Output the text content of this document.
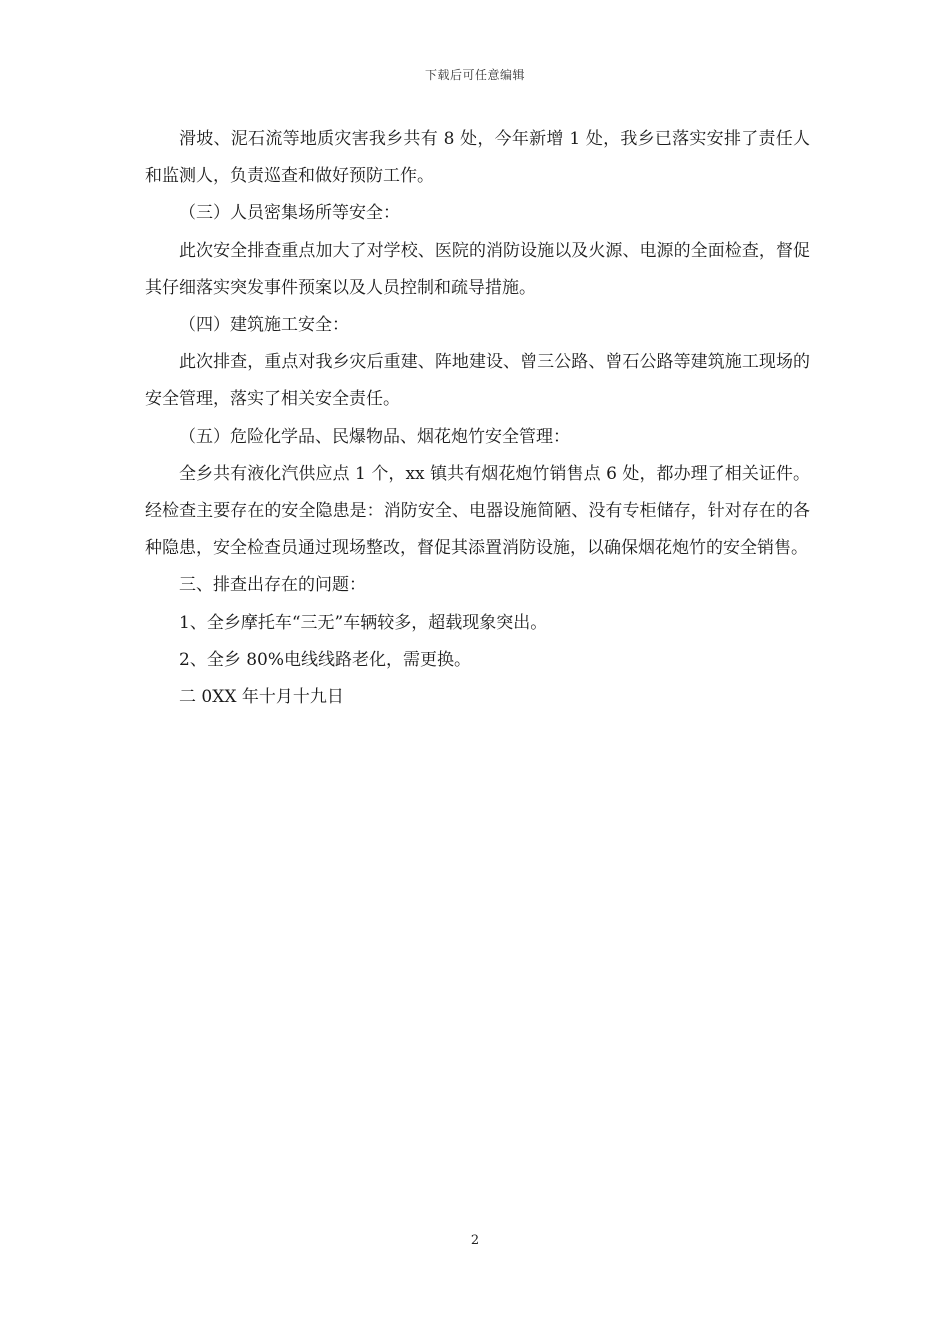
下载后可任意编辑

滑坡、泥石流等地质灾害我乡共有 8 处，今年新增 1 处，我乡已落实安排了责任人和监测人，负责巡查和做好预防工作。

（三）人员密集场所等安全：

此次安全排查重点加大了对学校、医院的消防设施以及火源、电源的全面检查，督促其仔细落实突发事件预案以及人员控制和疏导措施。

（四）建筑施工安全：

此次排查，重点对我乡灾后重建、阵地建设、曾三公路、曾石公路等建筑施工现场的安全管理，落实了相关安全责任。

（五）危险化学品、民爆物品、烟花炮竹安全管理：

全乡共有液化汽供应点 1 个，xx 镇共有烟花炮竹销售点 6 处，都办理了相关证件。经检查主要存在的安全隐患是：消防安全、电器设施简陋、没有专柜储存，针对存在的各种隐患，安全检查员通过现场整改，督促其添置消防设施，以确保烟花炮竹的安全销售。

三、排查出存在的问题：

1、全乡摩托车“三无”车辆较多，超载现象突出。

2、全乡 80%电线线路老化，需更换。

二 0XX 年十月十九日

2
